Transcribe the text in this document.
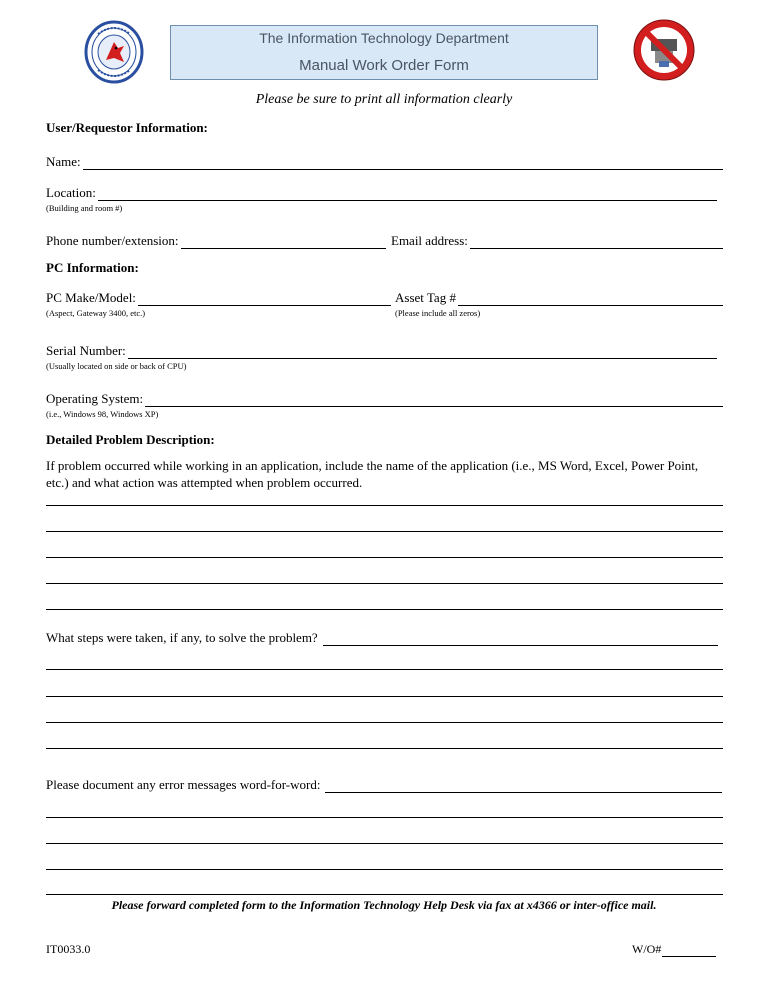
The Information Technology Department
Manual Work Order Form
Please be sure to print all information clearly
User/Requestor Information:
Name:
Location:
(Building and room #)
Phone number/extension:	Email address:
PC Information:
PC Make/Model:
(Aspect, Gateway 3400, etc.)
Asset Tag #
(Please include all zeros)
Serial Number:
(Usually located on side or back of CPU)
Operating System:
(i.e., Windows 98, Windows XP)
Detailed Problem Description:
If problem occurred while working in an application, include the name of the application (i.e., MS Word, Excel, Power Point, etc.) and what action was attempted when problem occurred.
What steps were taken, if any, to solve the problem?
Please document any error messages word-for-word:
Please forward completed form to the Information Technology Help Desk via fax at x4366 or inter-office mail.
IT0033.0	W/O#
